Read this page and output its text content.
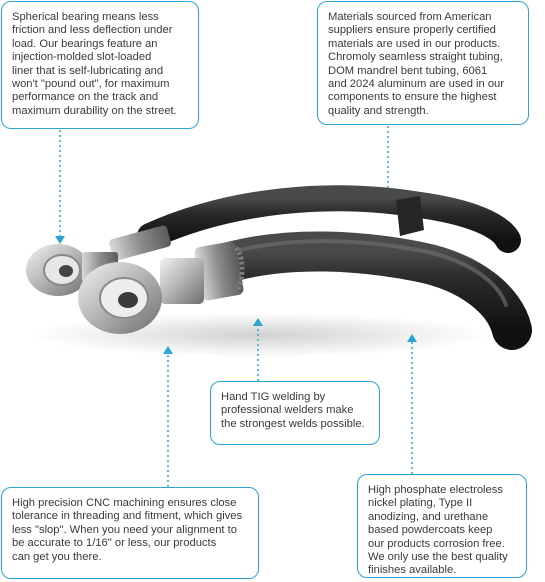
Spherical bearing means less
friction and less deflection under
load. Our bearings feature an
injection-molded slot-loaded
liner that is self-lubricating and
won't "pound out", for maximum
performance on the track and
maximum durability on the street.
Materials sourced from American
suppliers ensure properly certified
materials are used in our products.
Chromoly seamless straight tubing,
DOM mandrel bent tubing, 6061
and 2024 aluminum are used in our
components to ensure the highest
quality and strength.
Hand TIG welding by
professional welders make
the strongest welds possible.
High precision CNC machining ensures close
tolerance in threading and fitment, which gives
less "slop". When you need your alignment to
be accurate to 1/16" or less, our products
can get you there.
High phosphate electroless
nickel plating, Type II
anodizing, and urethane
based powdercoats keep
our products corrosion free.
We only use the best quality
finishes available.
